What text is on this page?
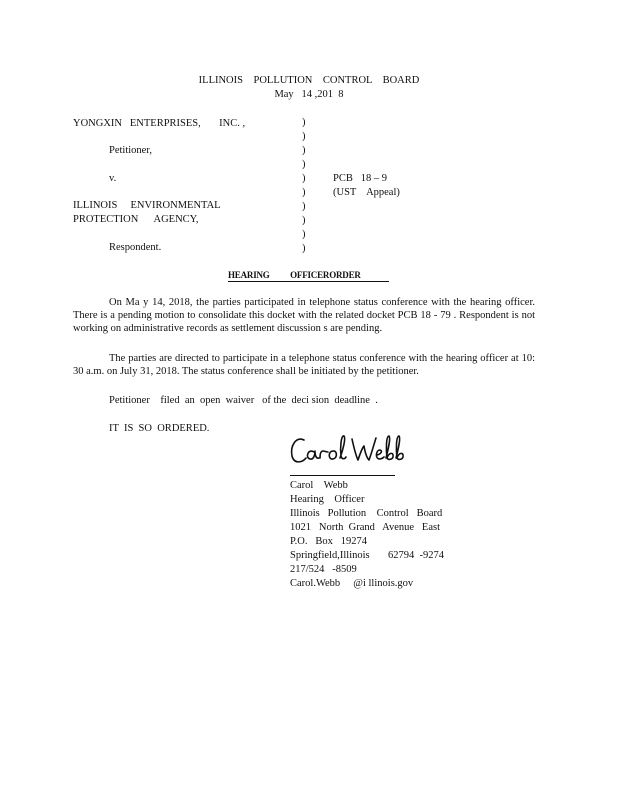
ILLINOIS    POLLUTION    CONTROL    BOARD
May   14 ,201  8
YONGXIN   ENTERPRISES,       INC. ,
Petitioner,
v.
ILLINOIS     ENVIRONMENTAL
PROTECTION      AGENCY,
Respondent.
)
)
)
)
)
)
)
)
)
)
PCB   18 – 9
(UST    Appeal)
HEARING          OFFICERORDER
On Ma y 14, 2018, the parties participated in telephone status conference with the hearing officer. There is a pending motion to consolidate this docket with the related docket PCB 18 - 79 . Respondent is not working on administrative records as settlement discussion s are pending.
The parties are directed to participate in a telephone status conference with the hearing officer at 10: 30 a.m. on July 31, 2018. The status conference shall be initiated by the petitioner.
Petitioner    filed  an  open  waiver   of the  deci sion  deadline  .
IT  IS  SO  ORDERED.
Carol    Webb
Hearing    Officer
Illinois   Pollution    Control   Board
1021   North  Grand   Avenue   East
P.O.   Box   19274
Springfield,Illinois       62794  -9274
217/524   -8509
Carol.Webb     @i llinois.gov
